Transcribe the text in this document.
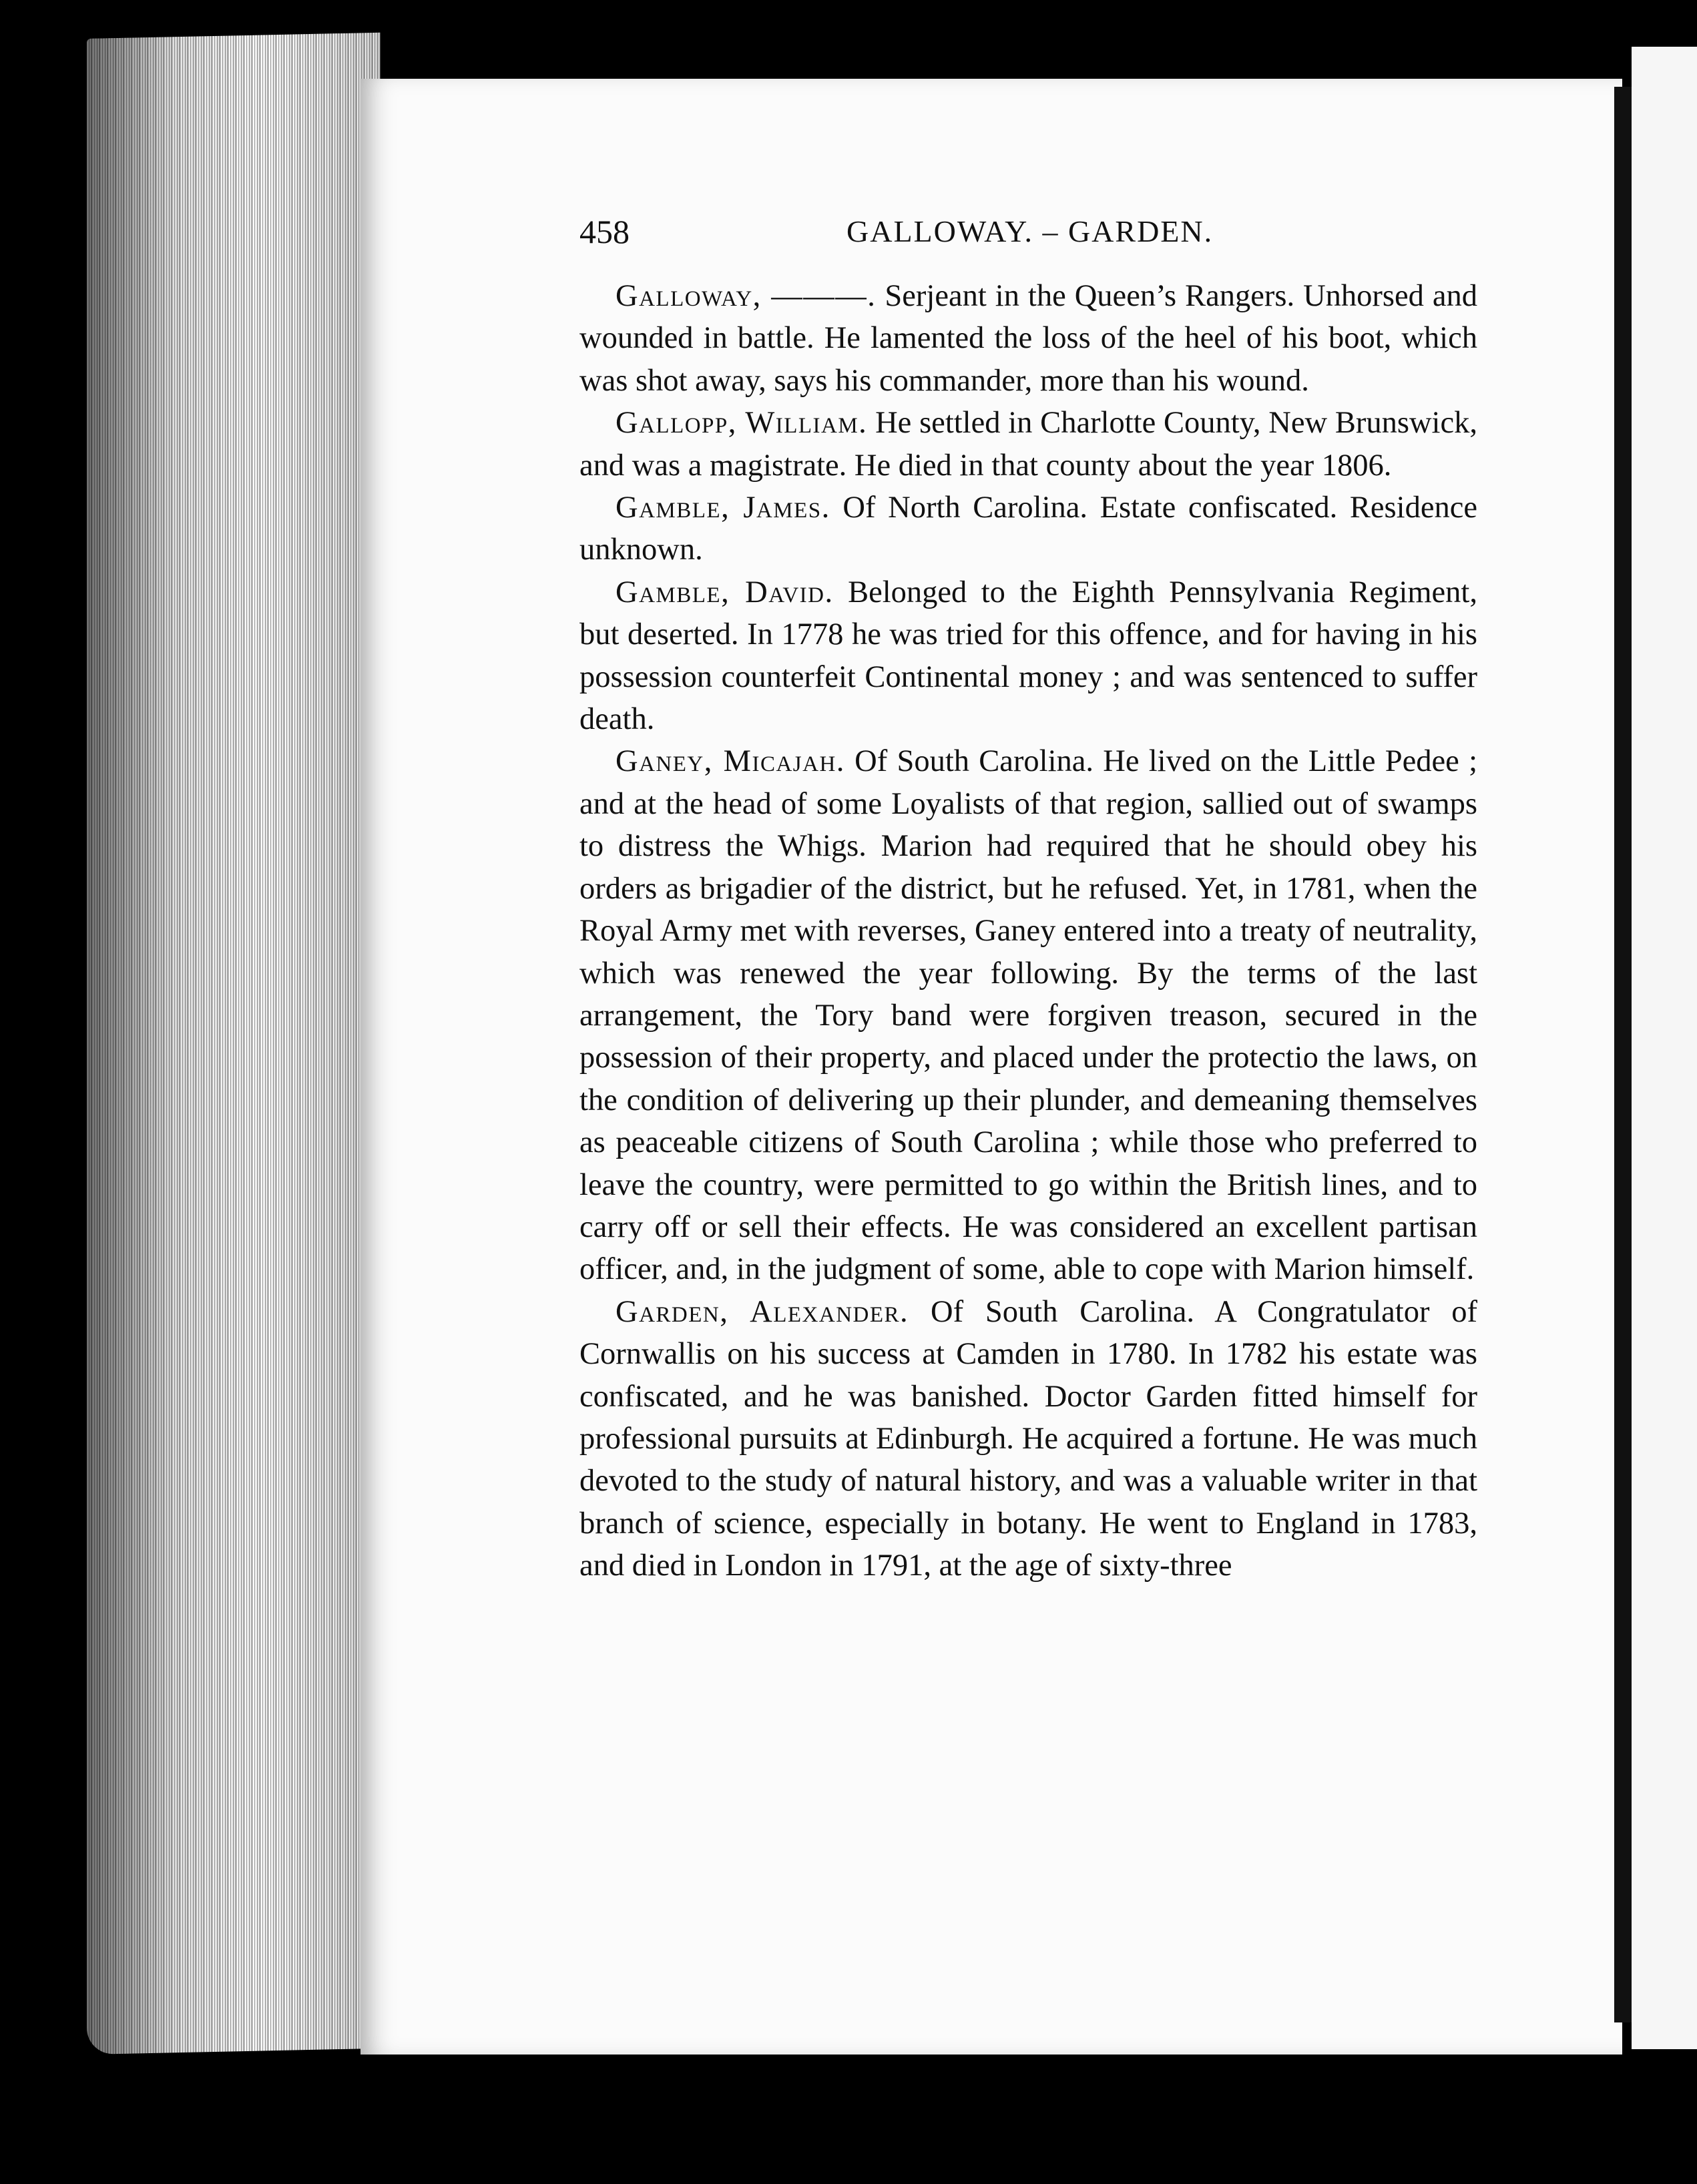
458	GALLOWAY. – GARDEN.

Galloway, ———. Serjeant in the Queen’s Rangers. Unhorsed and wounded in battle. He lamented the loss of the heel of his boot, which was shot away, says his commander, more than his wound.

Gallopp, William. He settled in Charlotte County, New Brunswick, and was a magistrate. He died in that county about the year 1806.

Gamble, James. Of North Carolina. Estate confiscated. Residence unknown.

Gamble, David. Belonged to the Eighth Pennsylvania Regiment, but deserted. In 1778 he was tried for this offence, and for having in his possession counterfeit Continental money ; and was sentenced to suffer death.

Ganey, Micajah. Of South Carolina. He lived on the Little Pedee ; and at the head of some Loyalists of that region, sallied out of swamps to distress the Whigs. Marion had required that he should obey his orders as brigadier of the district, but he refused. Yet, in 1781, when the Royal Army met with reverses, Ganey entered into a treaty of neutrality, which was renewed the year following. By the terms of the last arrangement, the Tory band were forgiven treason, secured in the possession of their property, and placed under the protectio the laws, on the condition of delivering up their plunder, and demeaning themselves as peaceable citizens of South Carolina ; while those who preferred to leave the country, were permitted to go within the British lines, and to carry off or sell their effects. He was considered an excellent partisan officer, and, in the judgment of some, able to cope with Marion himself.

Garden, Alexander. Of South Carolina. A Congratulator of Cornwallis on his success at Camden in 1780. In 1782 his estate was confiscated, and he was banished. Doctor Garden fitted himself for professional pursuits at Edinburgh. He acquired a fortune. He was much devoted to the study of natural history, and was a valuable writer in that branch of science, especially in botany. He went to England in 1783, and died in London in 1791, at the age of sixty-three
